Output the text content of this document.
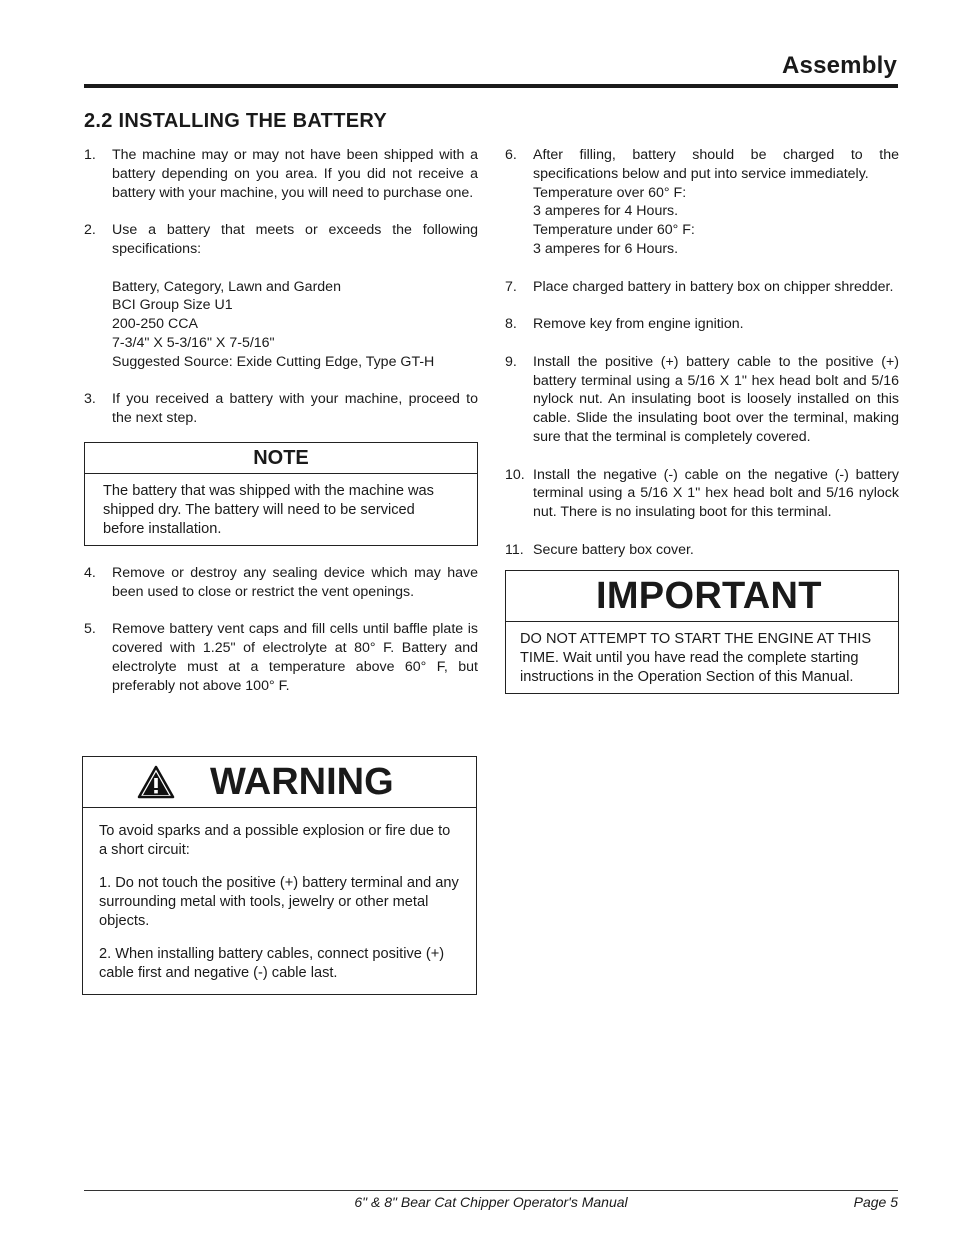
Assembly
2.2 INSTALLING THE BATTERY
1.	The machine may or may not have been shipped with a battery depending on you area. If you did not receive a battery with your machine, you will need to purchase one.
2.	Use a battery that meets or exceeds the following specifications:
Battery, Category, Lawn and Garden
BCI Group Size U1
200-250 CCA
7-3/4" X 5-3/16" X 7-5/16"
Suggested Source: Exide Cutting Edge, Type GT-H
3.	If you received a battery with your machine, proceed to the next step.
NOTE
The battery that was shipped with the machine was shipped dry. The battery will need to be serviced before installation.
4.	Remove or destroy any sealing device which may have been used to close or restrict the vent openings.
5.	Remove battery vent caps and fill cells until baffle plate is covered with 1.25" of electrolyte at 80° F. Battery and electrolyte must at a temperature above 60° F, but preferably not above 100° F.
WARNING

To avoid sparks and a possible explosion or fire due to a short circuit:

1. Do not touch the positive (+) battery terminal and any surrounding metal with tools, jewelry or other metal objects.

2. When installing battery cables, connect positive (+) cable first and negative (-) cable last.

6.	After filling, battery should be charged to the specifications below and put into service immediately.
Temperature over 60° F:
3 amperes for 4 Hours.
Temperature under 60° F:
3 amperes for 6 Hours.
7.	Place charged battery in battery box on chipper shredder.
8.	Remove key from engine ignition.
9.	Install the positive (+) battery cable to the positive (+) battery terminal using a 5/16 X 1" hex head bolt and 5/16 nylock nut. An insulating boot is loosely installed on this cable. Slide the insulating boot over the terminal, making sure that the terminal is completely covered.
10. Install the negative (-) cable on the negative (-) battery terminal using a 5/16 X 1" hex head bolt and 5/16 nylock nut. There is no insulating boot for this terminal.
11. Secure battery box cover.
IMPORTANT
DO NOT ATTEMPT TO START THE ENGINE AT THIS TIME. Wait until you have read the complete starting instructions in the Operation Section of this Manual.
6" & 8" Bear Cat Chipper Operator's Manual	Page 5
